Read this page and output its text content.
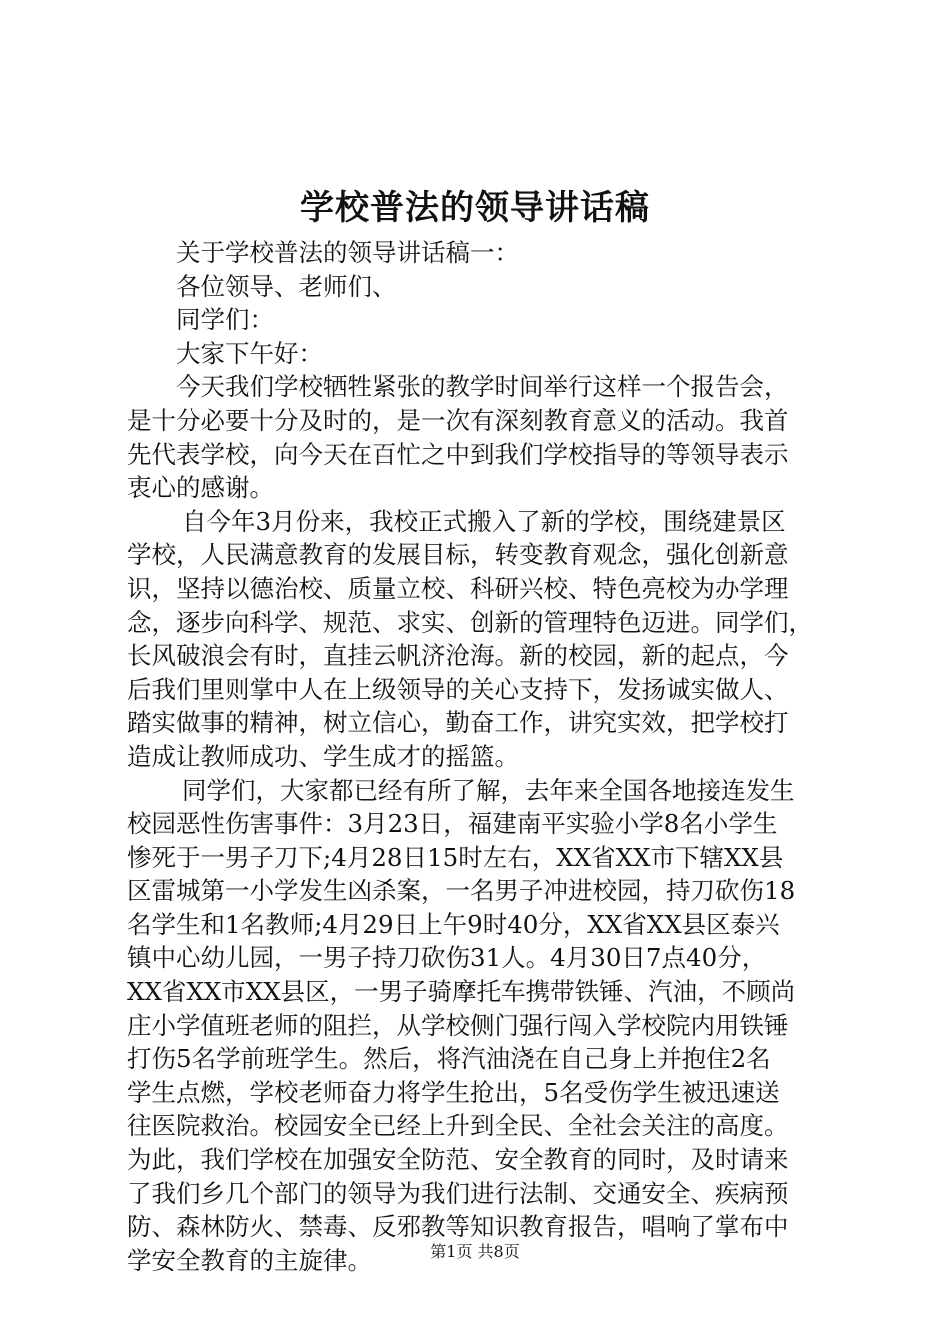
学校普法的领导讲话稿
关于学校普法的领导讲话稿一：
各位领导、老师们、
同学们：
大家下午好：
今天我们学校牺牲紧张的教学时间举行这样一个报告会，
是十分必要十分及时的，是一次有深刻教育意义的活动。我首
先代表学校，向今天在百忙之中到我们学校指导的等领导表示
衷心的感谢。
自今年3月份来，我校正式搬入了新的学校，围绕建景区
学校，人民满意教育的发展目标，转变教育观念，强化创新意
识，坚持以德治校、质量立校、科研兴校、特色亮校为办学理
念，逐步向科学、规范、求实、创新的管理特色迈进。同学们，
长风破浪会有时，直挂云帆济沧海。新的校园，新的起点，今
后我们里则掌中人在上级领导的关心支持下，发扬诚实做人、
踏实做事的精神，树立信心，勤奋工作，讲究实效，把学校打
造成让教师成功、学生成才的摇篮。
同学们，大家都已经有所了解，去年来全国各地接连发生
校园恶性伤害事件：3月23日，福建南平实验小学8名小学生
惨死于一男子刀下;4月28日15时左右，XX省XX市下辖XX县
区雷城第一小学发生凶杀案，一名男子冲进校园，持刀砍伤18
名学生和1名教师;4月29日上午9时40分，XX省XX县区泰兴
镇中心幼儿园，一男子持刀砍伤31人。4月30日7点40分，
XX省XX市XX县区，一男子骑摩托车携带铁锤、汽油，不顾尚
庄小学值班老师的阻拦，从学校侧门强行闯入学校院内用铁锤
打伤5名学前班学生。然后，将汽油浇在自己身上并抱住2名
学生点燃，学校老师奋力将学生抢出，5名受伤学生被迅速送
往医院救治。校园安全已经上升到全民、全社会关注的高度。
为此，我们学校在加强安全防范、安全教育的同时，及时请来
了我们乡几个部门的领导为我们进行法制、交通安全、疾病预
防、森林防火、禁毒、反邪教等知识教育报告，唱响了掌布中
学安全教育的主旋律。	第1页 共8页
